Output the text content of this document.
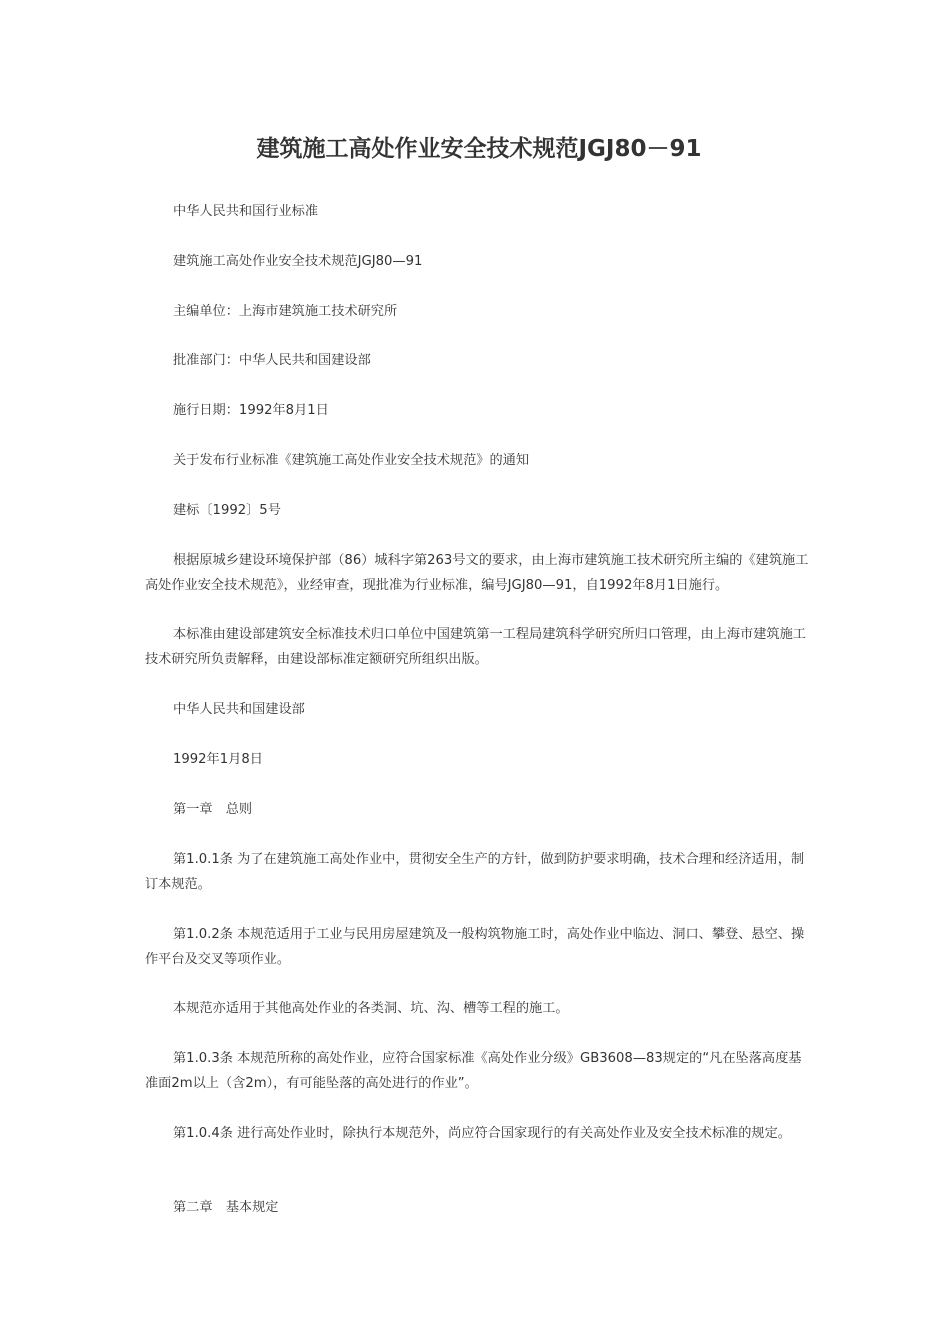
建筑施工高处作业安全技术规范JGJ80－91

中华人民共和国行业标准

建筑施工高处作业安全技术规范JGJ80—91

主编单位：上海市建筑施工技术研究所

批准部门：中华人民共和国建设部

施行日期：1992年8月1日

关于发布行业标准《建筑施工高处作业安全技术规范》的通知

建标〔1992〕5号

根据原城乡建设环境保护部（86）城科字第263号文的要求，由上海市建筑施工技术研究所主编的《建筑施工高处作业安全技术规范》，业经审查，现批准为行业标准，编号JGJ80—91，自1992年8月1日施行。

本标准由建设部建筑安全标准技术归口单位中国建筑第一工程局建筑科学研究所归口管理，由上海市建筑施工技术研究所负责解释，由建设部标准定额研究所组织出版。

中华人民共和国建设部

1992年1月8日

第一章　总则

第1.0.1条 为了在建筑施工高处作业中，贯彻安全生产的方针，做到防护要求明确，技术合理和经济适用，制订本规范。

第1.0.2条 本规范适用于工业与民用房屋建筑及一般构筑物施工时，高处作业中临边、洞口、攀登、悬空、操作平台及交叉等项作业。

本规范亦适用于其他高处作业的各类洞、坑、沟、槽等工程的施工。

第1.0.3条 本规范所称的高处作业，应符合国家标准《高处作业分级》GB3608—83规定的“凡在坠落高度基准面2m以上（含2m），有可能坠落的高处进行的作业”。

第1.0.4条 进行高处作业时，除执行本规范外，尚应符合国家现行的有关高处作业及安全技术标准的规定。

第二章　基本规定
